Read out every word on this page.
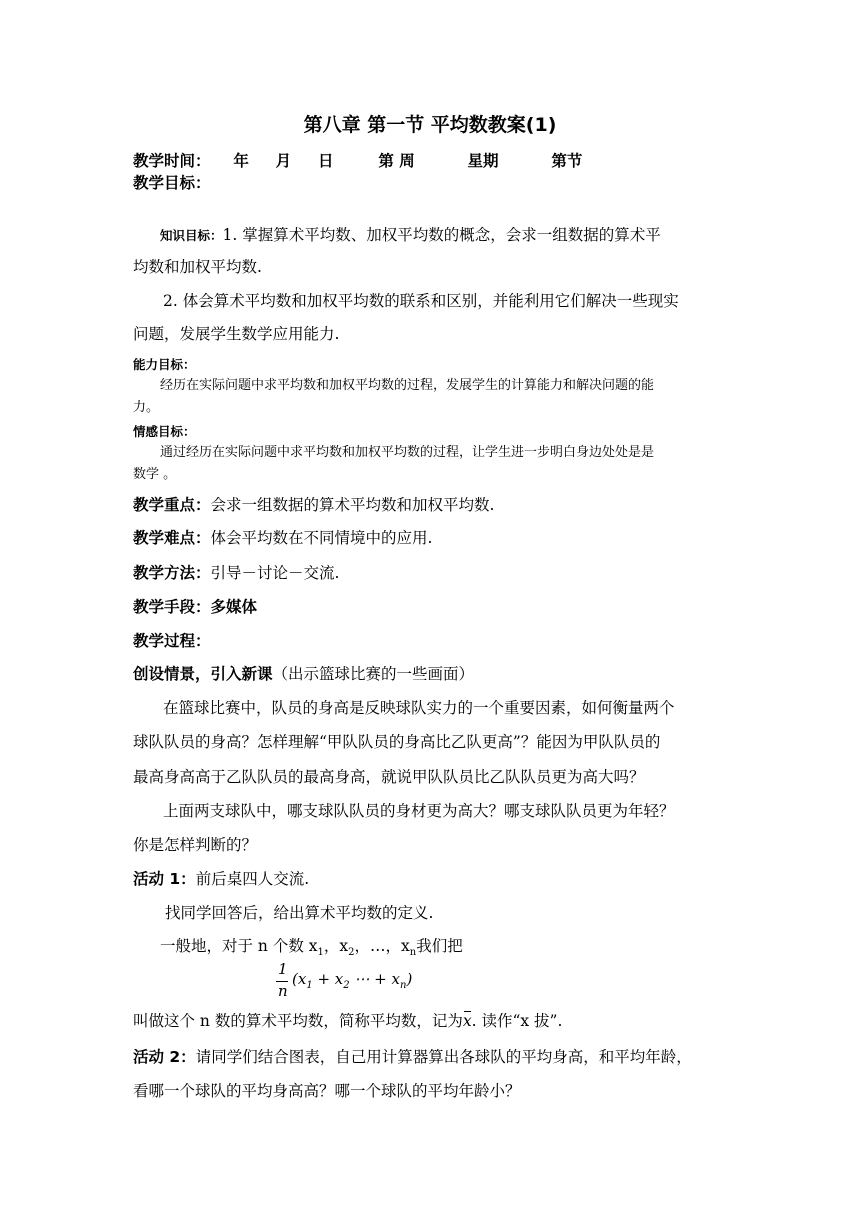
第八章 第一节 平均数教案(1)
教学时间： 年 月 日	第 周	星期	第节
教学目标：
知识目标：1. 掌握算术平均数、加权平均数的概念，会求一组数据的算术平
均数和加权平均数.
2. 体会算术平均数和加权平均数的联系和区别，并能利用它们解决一些现实
问题，发展学生数学应用能力.
能力目标：
经历在实际问题中求平均数和加权平均数的过程，发展学生的计算能力和解决问题的能
力。
情感目标：
通过经历在实际问题中求平均数和加权平均数的过程，让学生进一步明白身边处处是是
数学 。
教学重点：会求一组数据的算术平均数和加权平均数.
教学难点：体会平均数在不同情境中的应用.
教学方法：引导－讨论－交流.
教学手段：多媒体
教学过程：
创设情景，引入新课（出示篮球比赛的一些画面）
在篮球比赛中，队员的身高是反映球队实力的一个重要因素，如何衡量两个
球队队员的身高？怎样理解“甲队队员的身高比乙队更高”？能因为甲队队员的
最高身高高于乙队队员的最高身高，就说甲队队员比乙队队员更为高大吗？
上面两支球队中，哪支球队队员的身材更为高大？哪支球队队员更为年轻？
你是怎样判断的？
活动 1：前后桌四人交流.
找同学回答后，给出算术平均数的定义.
一般地，对于 n 个数 $x_1$，$x_2$，…，$x_n$我们把
1
n
($x_1 + x_2$ ⋯ + $x_n$)
叫做这个 n 数的算术平均数，简称平均数，记为x. 读作“x 拔”.
活动 2：请同学们结合图表，自己用计算器算出各球队的平均身高，和平均年龄，
看哪一个球队的平均身高高？哪一个球队的平均年龄小？
